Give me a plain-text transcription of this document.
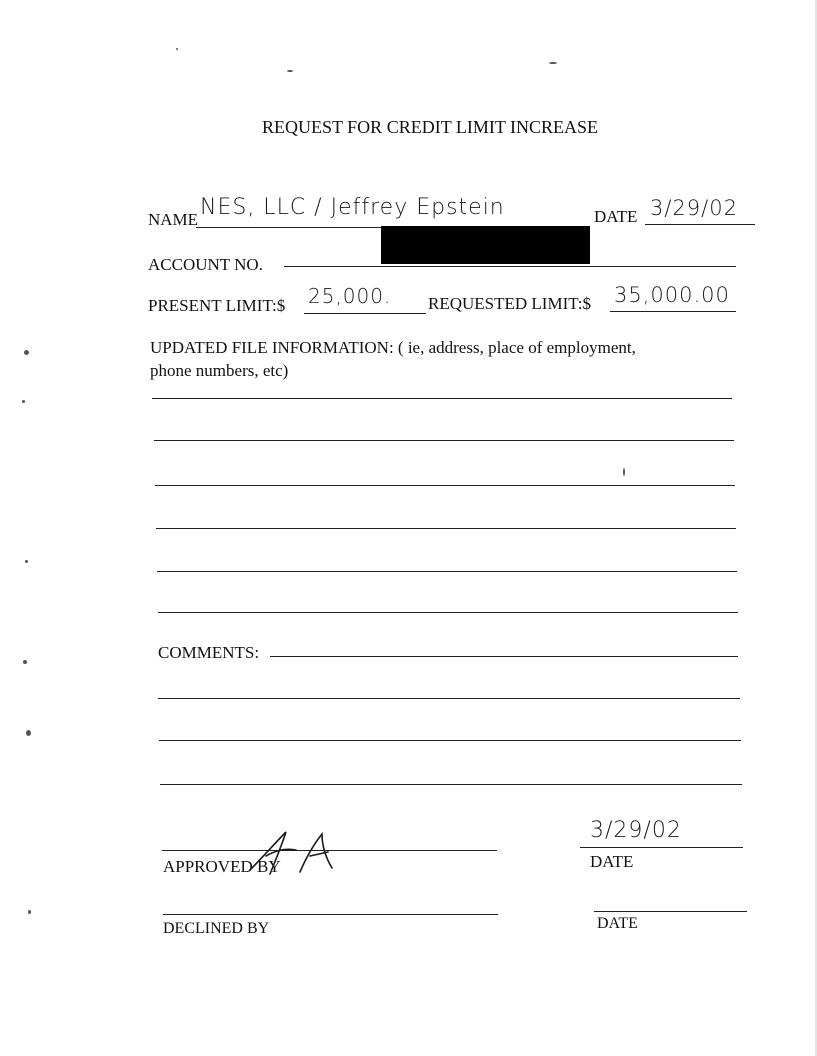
REQUEST FOR CREDIT LIMIT INCREASE
NAME NES, LLC / Jeffrey Epstein	DATE 3/29/02
ACCOUNT NO.
PRESENT LIMIT:$ 25,000. REQUESTED LIMIT:$ 35,000.00
UPDATED FILE INFORMATION: ( ie, address, place of employment,
phone numbers, etc)
COMMENTS:
APPROVED BY
3/29/02
DATE
DECLINED BY	DATE
